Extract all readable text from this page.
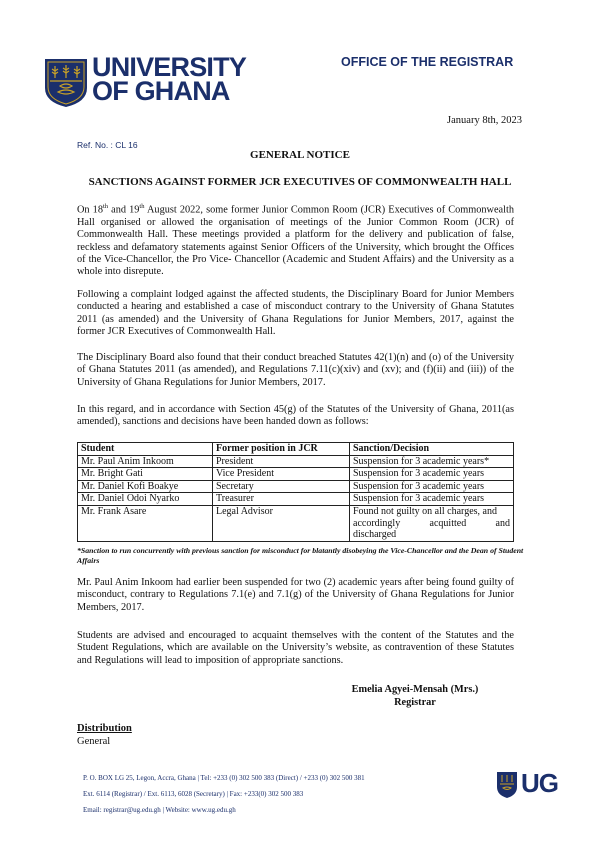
UNIVERSITY
OF GHANA
OFFICE OF THE REGISTRAR
January 8th, 2023
Ref. No. : CL 16
GENERAL NOTICE
SANCTIONS AGAINST FORMER JCR EXECUTIVES OF COMMONWEALTH HALL

On 18th and 19th August 2022, some former Junior Common Room (JCR) Executives of Commonwealth Hall organised or allowed the organisation of meetings of the Junior Common Room (JCR) of Commonwealth Hall. These meetings provided a platform for the delivery and publication of false, reckless and defamatory statements against Senior Officers of the University, which brought the Offices of the Vice-Chancellor, the Pro Vice- Chancellor (Academic and Student Affairs) and the University as a whole into disrepute.

Following a complaint lodged against the affected students, the Disciplinary Board for Junior Members conducted a hearing and established a case of misconduct contrary to the University of Ghana Statutes 2011 (as amended) and the University of Ghana Regulations for Junior Members, 2017, against the former JCR Executives of Commonwealth Hall.

The Disciplinary Board also found that their conduct breached Statutes 42(1)(n) and (o) of the University of Ghana Statutes 2011 (as amended), and Regulations 7.11(c)(xiv) and (xv); and (f)(ii) and (iii)) of the University of Ghana Regulations for Junior Members, 2017.

In this regard, and in accordance with Section 45(g) of the Statutes of the University of Ghana, 2011(as amended), sanctions and decisions have been handed down as follows:

Student	Former position in JCR	Sanction/Decision
Mr. Paul Anim Inkoom	President	Suspension for 3 academic years*
Mr. Bright Gati	Vice President	Suspension for 3 academic years
Mr. Daniel Kofi Boakye	Secretary	Suspension for 3 academic years
Mr. Daniel Odoi Nyarko	Treasurer	Suspension for 3 academic years
Mr. Frank Asare	Legal Advisor	Found not guilty on all charges, and
accordingly acquitted and
discharged
*Sanction to run concurrently with previous sanction for misconduct for blatantly disobeying the Vice-Chancellor and the Dean of Student Affairs

Mr. Paul Anim Inkoom had earlier been suspended for two (2) academic years after being found guilty of misconduct, contrary to Regulations 7.1(e) and 7.1(g) of the University of Ghana Regulations for Junior Members, 2017.

Students are advised and encouraged to acquaint themselves with the content of the Statutes and the Student Regulations, which are available on the University’s website, as contravention of these Statutes and Regulations will lead to imposition of appropriate sanctions.

Emelia Agyei-Mensah (Mrs.)
Registrar
Distribution
General
P. O. BOX LG 25, Legon, Accra, Ghana | Tel: +233 (0) 302 500 383 (Direct) / +233 (0) 302 500 381
Ext. 6114 (Registrar) / Ext. 6113, 6028 (Secretary) | Fax: +233(0) 302 500 383
Email: registrar@ug.edu.gh | Website: www.ug.edu.gh
UG
